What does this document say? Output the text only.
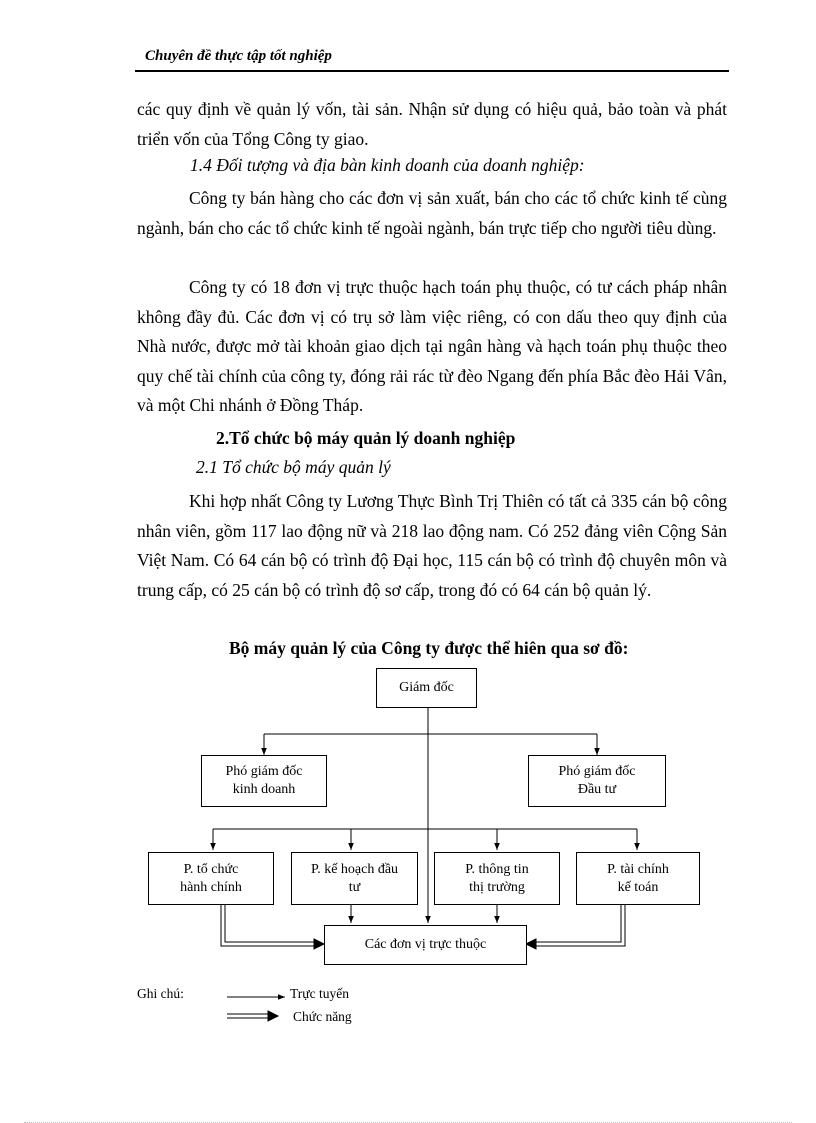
Chuyên đề thực tập tốt nghiệp

các quy định về quản lý vốn, tài sản. Nhận sử dụng có hiệu quả, bảo toàn và phát triển vốn của Tổng Công ty giao.

1.4 Đối tượng và địa bàn kinh doanh của doanh nghiệp:

Công ty bán hàng cho các đơn vị sản xuất, bán cho các tổ chức kinh tế cùng ngành, bán cho các tổ chức kinh tế ngoài ngành, bán trực tiếp cho người tiêu dùng.

Công ty có 18 đơn vị trực thuộc hạch toán phụ thuộc, có tư cách pháp nhân không đầy đủ. Các đơn vị có trụ sở làm việc riêng, có con dấu theo quy định của Nhà nước, được mở tài khoản giao dịch tại ngân hàng và hạch toán phụ thuộc theo quy chế tài chính của công ty, đóng rải rác từ đèo Ngang đến phía Bắc đèo Hải Vân, và một Chi nhánh ở Đồng Tháp.

2.Tổ chức bộ máy quản lý doanh nghiệp

2.1 Tổ chức bộ máy quản lý

Khi hợp nhất Công ty Lương Thực Bình Trị Thiên có tất cả 335 cán bộ công nhân viên, gồm 117 lao động nữ và 218 lao động nam. Có 252 đảng viên Cộng Sản Việt Nam. Có 64 cán bộ có trình độ Đại học, 115 cán bộ có trình độ chuyên môn và trung cấp, có 25 cán bộ có trình độ sơ cấp, trong đó có 64 cán bộ quản lý.

Bộ máy quản lý của Công ty được thể hiên qua sơ đồ:

Giám đốc
Phó giám đốc
kinh doanh
Phó giám đốc
Đầu tư
P. tổ chức
hành chính
P. kế hoạch đầu
tư
P. thông tin
thị trường
P. tài chính
kế toán
Các đơn vị trực thuộc
Ghi chú:	Trực tuyến
Chức năng
